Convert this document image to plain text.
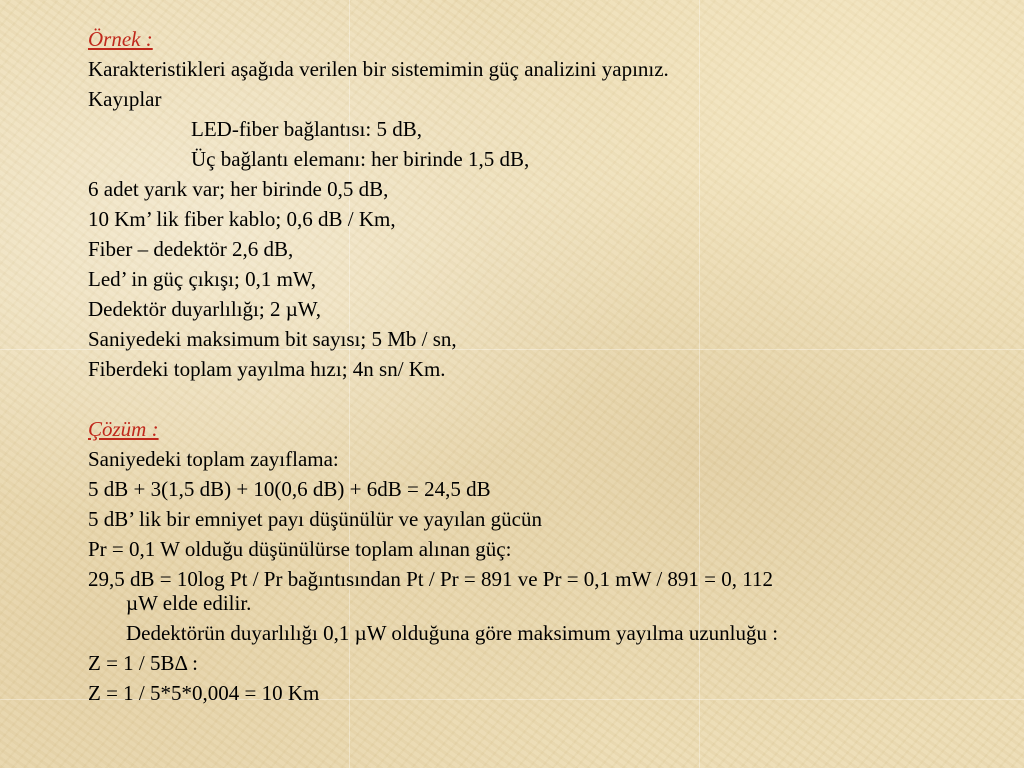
Örnek :
Karakteristikleri aşağıda verilen bir sistemimin güç analizini yapınız.
Kayıplar
LED-fiber bağlantısı: 5 dB,
Üç bağlantı elemanı: her birinde 1,5 dB,
6 adet yarık var; her birinde 0,5 dB,
10 Km’ lik fiber kablo; 0,6 dB / Km,
Fiber – dedektör 2,6 dB,
Led’ in güç çıkışı; 0,1 mW,
Dedektör duyarlılığı; 2 µW,
Saniyedeki maksimum bit sayısı; 5 Mb / sn,
Fiberdeki toplam yayılma hızı; 4n sn/ Km.
Çözüm :
Saniyedeki toplam zayıflama:
5 dB + 3(1,5 dB) + 10(0,6 dB) + 6dB = 24,5 dB
5 dB’ lik bir emniyet payı düşünülür ve yayılan gücün
Pr = 0,1 W olduğu düşünülürse toplam alınan güç:
29,5 dB = 10log Pt / Pr bağıntısından Pt / Pr = 891 ve Pr = 0,1 mW / 891 = 0, 112
µW elde edilir.
Dedektörün duyarlılığı 0,1 µW olduğuna göre maksimum yayılma uzunluğu :
Z = 1 / 5BΔ :
Z = 1 / 5*5*0,004 = 10 Km
